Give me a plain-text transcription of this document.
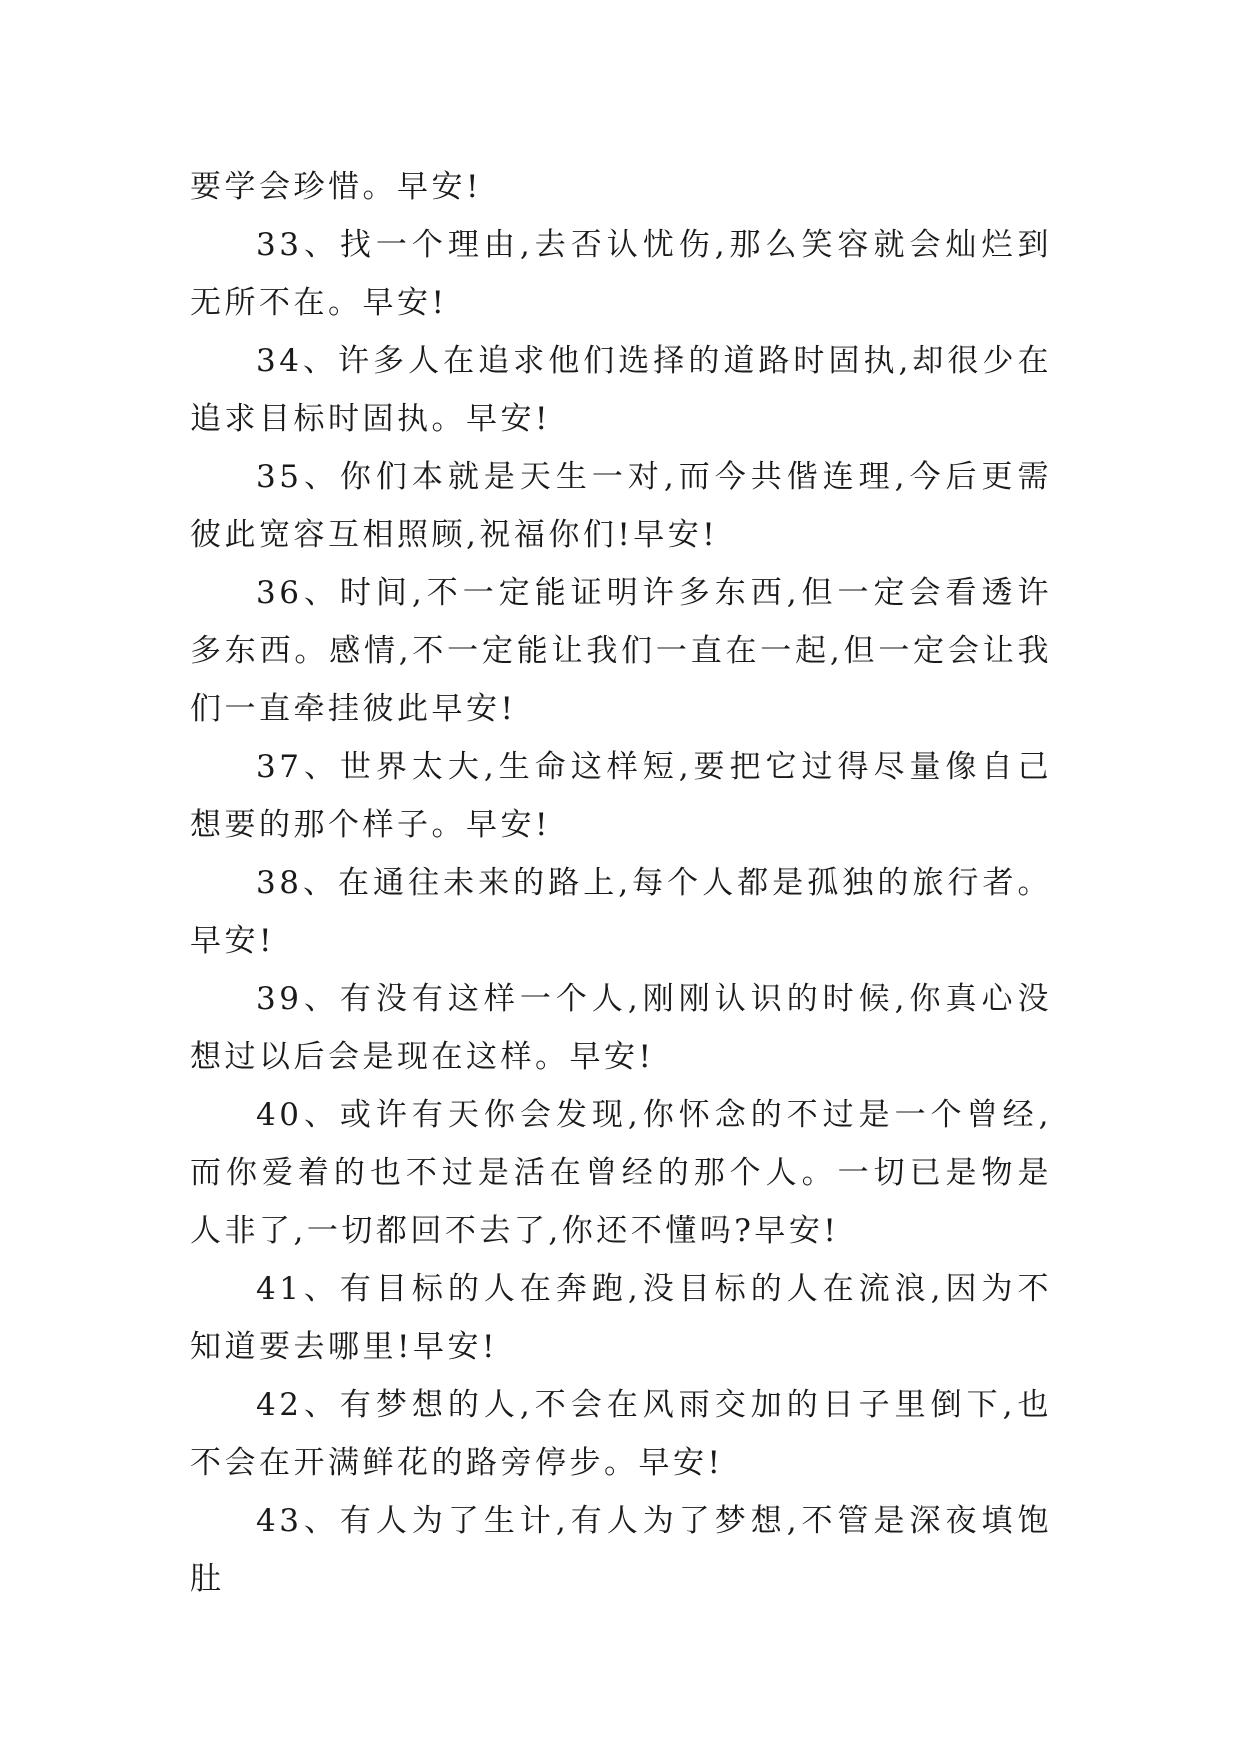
要学会珍惜。早安!

33、找一个理由,去否认忧伤,那么笑容就会灿烂到无所不在。早安!

34、许多人在追求他们选择的道路时固执,却很少在追求目标时固执。早安!

35、你们本就是天生一对,而今共偕连理,今后更需彼此宽容互相照顾,祝福你们!早安!

36、时间,不一定能证明许多东西,但一定会看透许多东西。感情,不一定能让我们一直在一起,但一定会让我们一直牵挂彼此早安!

37、世界太大,生命这样短,要把它过得尽量像自己想要的那个样子。早安!

38、在通往未来的路上,每个人都是孤独的旅行者。早安!

39、有没有这样一个人,刚刚认识的时候,你真心没想过以后会是现在这样。早安!

40、或许有天你会发现,你怀念的不过是一个曾经,而你爱着的也不过是活在曾经的那个人。一切已是物是人非了,一切都回不去了,你还不懂吗?早安!

41、有目标的人在奔跑,没目标的人在流浪,因为不知道要去哪里!早安!

42、有梦想的人,不会在风雨交加的日子里倒下,也不会在开满鲜花的路旁停步。早安!

43、有人为了生计,有人为了梦想,不管是深夜填饱肚
